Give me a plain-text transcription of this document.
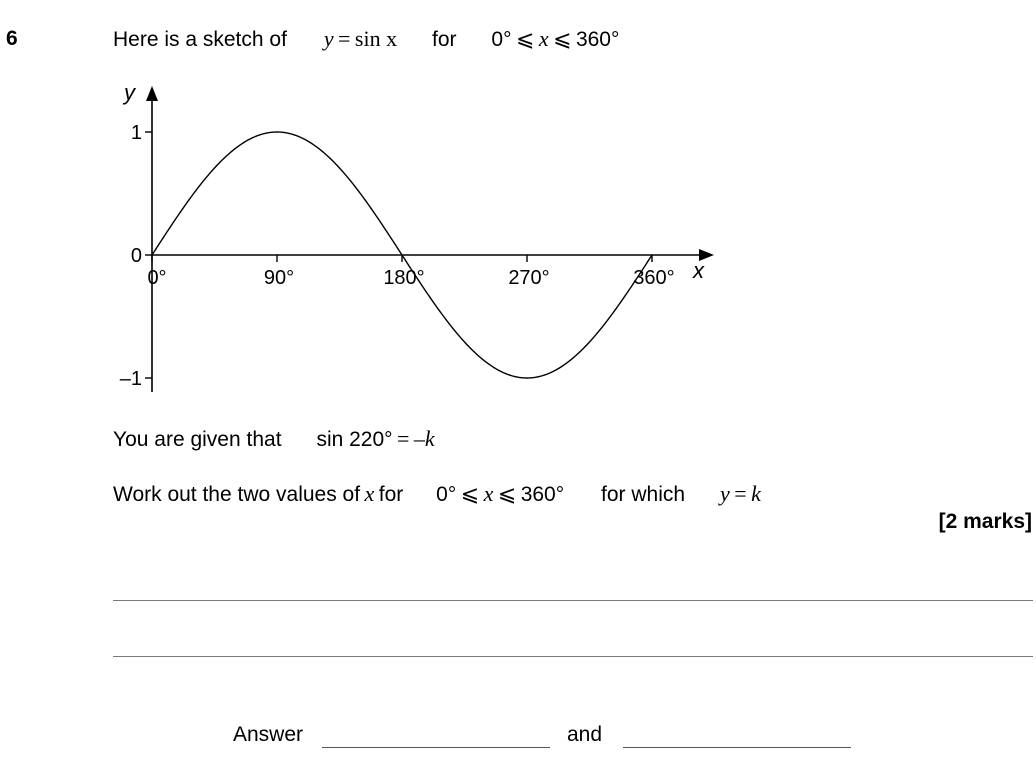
6	Here is a sketch of y = sin x for 0° ⩽ x ⩽ 360°
y
x
1
0
–1
0°	90°	180°	270°	360°
You are given that sin 220° = –k
Work out the two values of x for 0° ⩽ x ⩽ 360° for which y = k
[2 marks]
Answer	and
